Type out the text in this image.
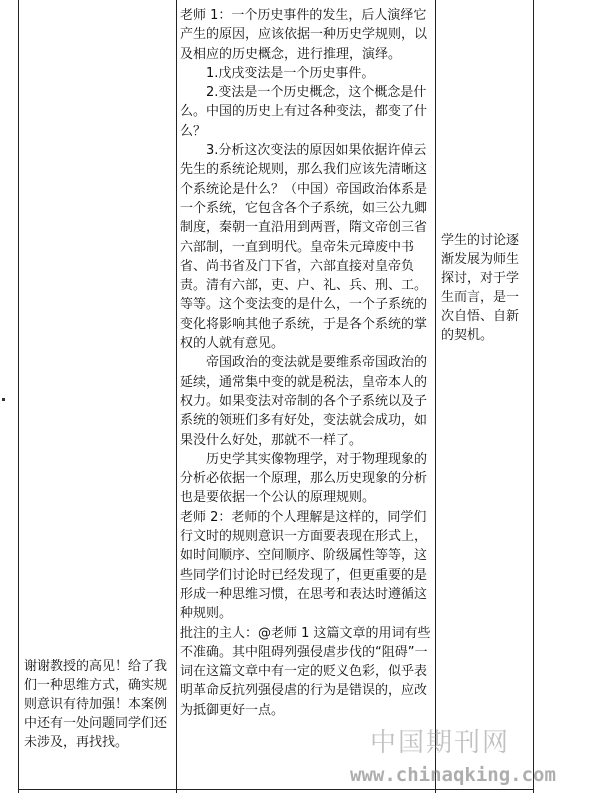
谢谢教授的高见！给了我们一种思维方式，确实规则意识有待加强！本案例中还有一处问题同学们还未涉及，再找找。

老师 1：一个历史事件的发生，后人演绎它产生的原因，应该依据一种历史学规则，以及相应的历史概念，进行推理，演绎。

1.戊戌变法是一个历史事件。

2.变法是一个历史概念，这个概念是什么。中国的历史上有过各种变法，都变了什么？

3.分析这次变法的原因如果依据许倬云先生的系统论规则，那么我们应该先清晰这个系统论是什么？（中国）帝国政治体系是一个系统，它包含各个子系统，如三公九卿制度，秦朝一直沿用到两晋，隋文帝创三省六部制，一直到明代。皇帝朱元璋废中书省、尚书省及门下省，六部直接对皇帝负责。清有六部，吏、户、礼、兵、刑、工。等等。这个变法变的是什么，一个子系统的变化将影响其他子系统，于是各个系统的掌权的人就有意见。

帝国政治的变法就是要维系帝国政治的延续，通常集中变的就是税法，皇帝本人的权力。如果变法对帝制的各个子系统以及子系统的领班们多有好处，变法就会成功，如果没什么好处，那就不一样了。

历史学其实像物理学，对于物理现象的分析必依据一个原理，那么历史现象的分析也是要依据一个公认的原理规则。

老师 2：老师的个人理解是这样的，同学们行文时的规则意识一方面要表现在形式上，如时间顺序、空间顺序、阶级属性等等，这些同学们讨论时已经发现了，但更重要的是形成一种思维习惯，在思考和表达时遵循这种规则。

批注的主人：@老师 1 这篇文章的用词有些不准确。其中阻碍列强侵虐步伐的“阻碍”一词在这篇文章中有一定的贬义色彩，似乎表明革命反抗列强侵虐的行为是错误的，应改为抵御更好一点。

学生的讨论逐渐发展为师生探讨，对于学生而言，是一次自悟、自新的契机。

中国期刊网
www.chinaqking.com
